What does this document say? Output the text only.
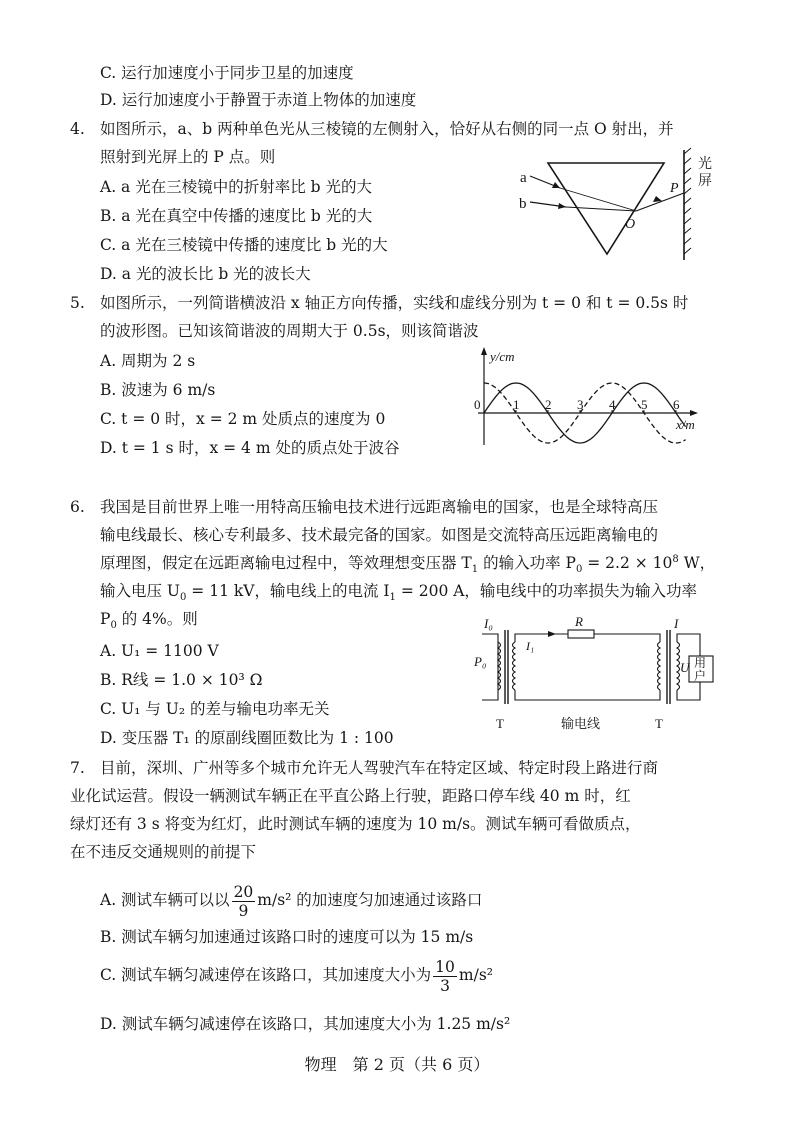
C. 运行加速度小于同步卫星的加速度
D. 运行加速度小于静置于赤道上物体的加速度
4. 如图所示，a、b 两种单色光从三棱镜的左侧射入，恰好从右侧的同一点 O 射出，并
照射到光屏上的 P 点。则
A. a 光在三棱镜中的折射率比 b 光的大
B. a 光在真空中传播的速度比 b 光的大
C. a 光在三棱镜中传播的速度比 b 光的大
D. a 光的波长比 b 光的波长大
a
b
O
P
光
屏
5. 如图所示，一列简谐横波沿 x 轴正方向传播，实线和虚线分别为 t = 0 和 t = 0.5s 时
的波形图。已知该简谐波的周期大于 0.5s，则该简谐波
A. 周期为 2 s
B. 波速为 6 m/s
C. t = 0 时，x = 2 m 处质点的速度为 0
D. t = 1 s 时，x = 4 m 处的质点处于波谷
y/cm
x/m
0	1 2 3 4 5 6
6. 我国是目前世界上唯一用特高压输电技术进行远距离输电的国家，也是全球特高压
输电线最长、核心专利最多、技术最完备的国家。如图是交流特高压远距离输电的
原理图，假定在远距离输电过程中，等效理想变压器 $T_1$ 的输入功率 $P_0 = 2.2 \times 10^8$ W，
输入电压 $U_0 = 11$ kV，输电线上的电流 $I_1 = 200$ A，输电线中的功率损失为输入功率
$P_0$ 的 4%。则
A. U₁ = 1100 V
B. R线 = 1.0 × 10³ Ω
C. U₁ 与 U₂ 的差与输电功率无关
D. 变压器 T₁ 的原副线圈匝数比为 1 : 100
I₀
I₁
R	I
P₀	U 用
户
T	输电线	T
7. 目前，深圳、广州等多个城市允许无人驾驶汽车在特定区域、特定时段上路进行商
业化试运营。假设一辆测试车辆正在平直公路上行驶，距路口停车线 40 m 时，红
绿灯还有 3 s 将变为红灯，此时测试车辆的速度为 10 m/s。测试车辆可看做质点，
在不违反交通规则的前提下
A. 测试车辆可以以 $\frac{20}{9} m/s^2$ 的加速度匀加速通过该路口
B. 测试车辆匀加速通过该路口时的速度可以为 15 m/s
C. 测试车辆匀减速停在该路口，其加速度大小为 $\frac{10}{3} m/s^2$
D. 测试车辆匀减速停在该路口，其加速度大小为 1.25 m/s²
物理　第 2 页（共 6 页）
